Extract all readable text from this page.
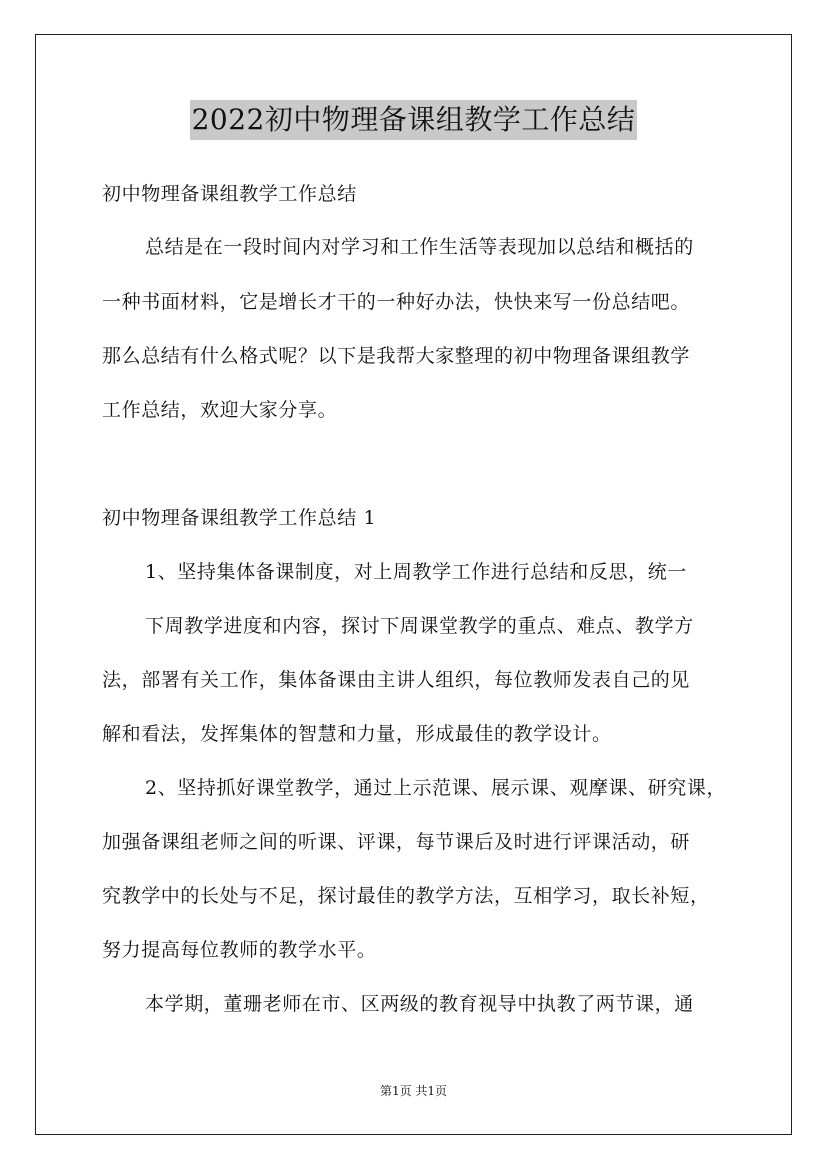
2022初中物理备课组教学工作总结
初中物理备课组教学工作总结
总结是在一段时间内对学习和工作生活等表现加以总结和概括的
一种书面材料，它是增长才干的一种好办法，快快来写一份总结吧。
那么总结有什么格式呢？以下是我帮大家整理的初中物理备课组教学
工作总结，欢迎大家分享。
初中物理备课组教学工作总结 1
1、坚持集体备课制度，对上周教学工作进行总结和反思，统一
下周教学进度和内容，探讨下周课堂教学的重点、难点、教学方
法，部署有关工作，集体备课由主讲人组织，每位教师发表自己的见
解和看法，发挥集体的智慧和力量，形成最佳的教学设计。
2、坚持抓好课堂教学，通过上示范课、展示课、观摩课、研究课，
加强备课组老师之间的听课、评课，每节课后及时进行评课活动，研
究教学中的长处与不足，探讨最佳的教学方法，互相学习，取长补短，
努力提高每位教师的教学水平。
本学期，董珊老师在市、区两级的教育视导中执教了两节课，通
第1页 共1页
